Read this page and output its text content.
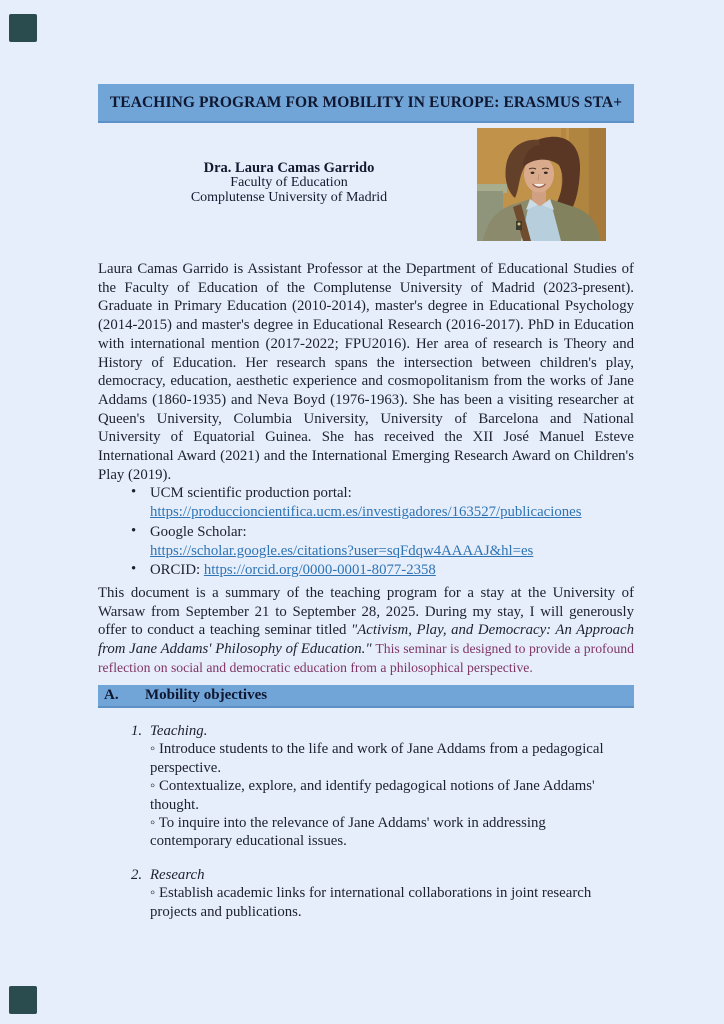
TEACHING PROGRAM FOR MOBILITY IN EUROPE: ERASMUS STA+
Dra. Laura Camas Garrido
Faculty of Education
Complutense University of Madrid

Laura Camas Garrido is Assistant Professor at the Department of Educational Studies of the Faculty of Education of the Complutense University of Madrid (2023-present). Graduate in Primary Education (2010-2014), master's degree in Educational Psychology (2014-2015) and master's degree in Educational Research (2016-2017). PhD in Education with international mention (2017-2022; FPU2016). Her area of research is Theory and History of Education. Her research spans the intersection between children's play, democracy, education, aesthetic experience and cosmopolitanism from the works of Jane Addams (1860-1935) and Neva Boyd (1976-1963). She has been a visiting researcher at Queen's University, Columbia University, University of Barcelona and National University of Equatorial Guinea. She has received the XII José Manuel Esteve International Award (2021) and the International Emerging Research Award on Children's Play (2019).

• UCM scientific production portal:
https://produccioncientifica.ucm.es/investigadores/163527/publicaciones
• Google Scholar:
https://scholar.google.es/citations?user=sqFdqw4AAAAJ&hl=es
• ORCID: https://orcid.org/0000-0001-8077-2358

This document is a summary of the teaching program for a stay at the University of Warsaw from September 21 to September 28, 2025. During my stay, I will generously offer to conduct a teaching seminar titled "Activism, Play, and Democracy: An Approach from Jane Addams' Philosophy of Education." This seminar is designed to provide a profound reflection on social and democratic education from a philosophical perspective.

A.	Mobility objectives
1. Teaching.
◦ Introduce students to the life and work of Jane Addams from a pedagogical perspective.
◦ Contextualize, explore, and identify pedagogical notions of Jane Addams' thought.
◦ To inquire into the relevance of Jane Addams' work in addressing contemporary educational issues.
2. Research
◦ Establish academic links for international collaborations in joint research projects and publications.
